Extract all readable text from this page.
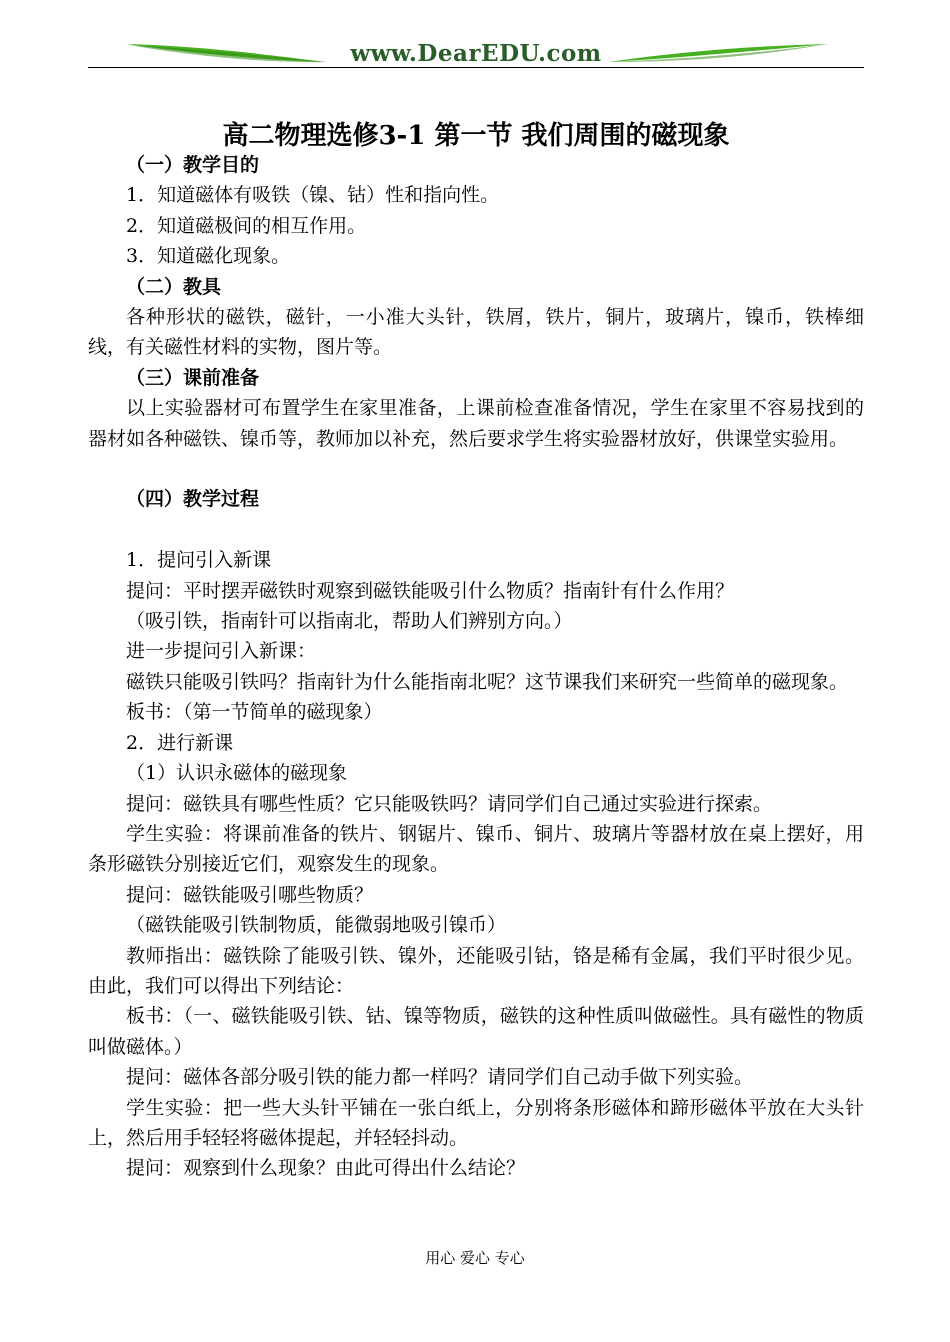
www.DearEDU.com
高二物理选修3-1 第一节 我们周围的磁现象

（一）教学目的

1．知道磁体有吸铁（镍、钴）性和指向性。

2．知道磁极间的相互作用。

3．知道磁化现象。

（二）教具

各种形状的磁铁，磁针，一小准大头针，铁屑，铁片，铜片，玻璃片，镍币，铁棒细线，有关磁性材料的实物，图片等。

（三）课前准备

以上实验器材可布置学生在家里准备，上课前检查准备情况，学生在家里不容易找到的器材如各种磁铁、镍币等，教师加以补充，然后要求学生将实验器材放好，供课堂实验用。

（四）教学过程

1．提问引入新课

提问：平时摆弄磁铁时观察到磁铁能吸引什么物质？指南针有什么作用？

（吸引铁，指南针可以指南北，帮助人们辨别方向。）

进一步提问引入新课：

磁铁只能吸引铁吗？指南针为什么能指南北呢？这节课我们来研究一些简单的磁现象。

板书：（第一节简单的磁现象）

2．进行新课

（1）认识永磁体的磁现象

提问：磁铁具有哪些性质？它只能吸铁吗？请同学们自己通过实验进行探索。

学生实验：将课前准备的铁片、钢锯片、镍币、铜片、玻璃片等器材放在桌上摆好，用条形磁铁分别接近它们，观察发生的现象。

提问：磁铁能吸引哪些物质？

（磁铁能吸引铁制物质，能微弱地吸引镍币）

教师指出：磁铁除了能吸引铁、镍外，还能吸引钴，铬是稀有金属，我们平时很少见。由此，我们可以得出下列结论：

板书：（一、磁铁能吸引铁、钴、镍等物质，磁铁的这种性质叫做磁性。具有磁性的物质叫做磁体。）

提问：磁体各部分吸引铁的能力都一样吗？请同学们自己动手做下列实验。

学生实验：把一些大头针平铺在一张白纸上，分别将条形磁体和蹄形磁体平放在大头针上，然后用手轻轻将磁体提起，并轻轻抖动。

提问：观察到什么现象？由此可得出什么结论？

用心 爱心 专心
